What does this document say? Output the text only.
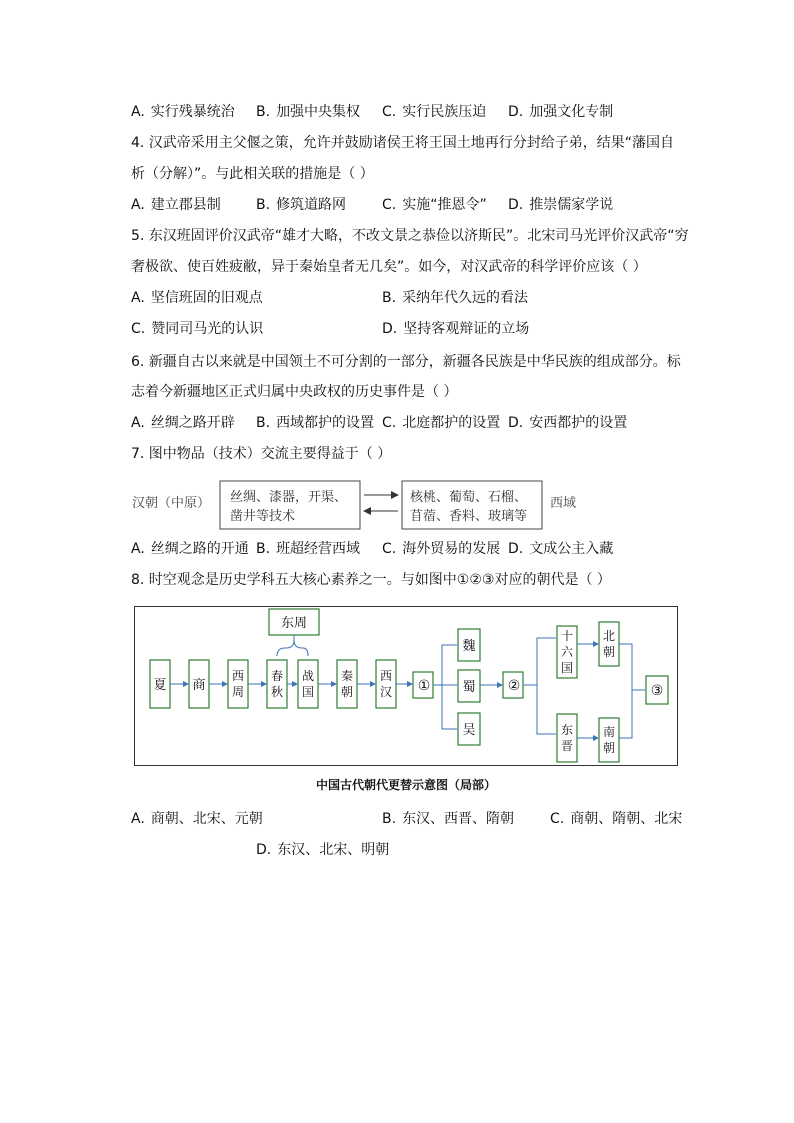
A. 实行残暴统治 B. 加强中央集权 C. 实行民族压迫 D. 加强文化专制
4. 汉武帝采用主父偃之策，允许并鼓励诸侯王将王国土地再行分封给子弟，结果“藩国自
析（分解）”。与此相关联的措施是（ ）
A. 建立郡县制	B. 修筑道路网	C. 实施“推恩令” D. 推崇儒家学说
5. 东汉班固评价汉武帝“雄才大略，不改文景之恭俭以济斯民”。北宋司马光评价汉武帝“穷
奢极欲、使百姓疲敝，异于秦始皇者无几矣”。如今，对汉武帝的科学评价应该（ ）
A. 坚信班固的旧观点	B. 采纳年代久远的看法
C. 赞同司马光的认识	D. 坚持客观辩证的立场
6. 新疆自古以来就是中国领土不可分割的一部分，新疆各民族是中华民族的组成部分。标
志着今新疆地区正式归属中央政权的历史事件是（ ）
A. 丝绸之路开辟 B. 西域都护的设置 C. 北庭都护的设置 D. 安西都护的设置
7. 图中物品（技术）交流主要得益于（ ）
汉朝（中原） 丝绸、漆器，开渠、
凿井等技术
核桃、葡萄、石榴、
苜蓿、香料、玻璃等
西域
A. 丝绸之路的开通 B. 班超经营西域 C. 海外贸易的发展 D. 文成公主入藏
8. 时空观念是历史学科五大核心素养之一。与如图中①②③对应的朝代是（ ）
夏 商
东周
①
魏
蜀
吴
②	③
西周
春秋
战国
秦朝
西汉
十六国
东晋
北朝
南朝
中国古代朝代更替示意图（局部）
A. 商朝、北宋、元朝	B. 东汉、西晋、隋朝	C. 商朝、隋朝、北宋
D. 东汉、北宋、明朝
